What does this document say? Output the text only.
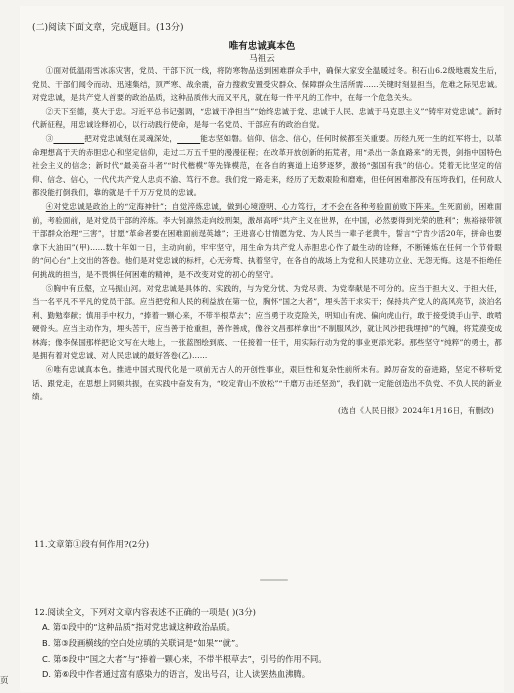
(二)阅读下面文章，完成题目。(13分)
唯有忠诚真本色
马祖云

①面对低温雨雪冰冻灾害，党员、干部下沉一线，将防寒物品送到困难群众手中，确保大家安全温暖过冬。积石山6.2级地震发生后，党员、干部们闻令而动、迅速集结，顶严寒、战余震，奋力搜救安置受灾群众、保障群众生活所需……关键时刻显担当，危难之际见忠诚。对党忠诚，是共产党人首要的政治品质，这种品质伟大而又平凡，就在每一件平凡的工作中，在每一个危急关头。

②天下至德，莫大于忠。习近平总书记强调，“忠诚干净担当”“始终忠诚于党、忠诚于人民、忠诚于马克思主义”“铸牢对党忠诚”。新时代新征程，用忠诚诠释初心，以行动践行使命，是每一名党员、干部应有的政治自觉。

③    	把对党忠诚刻在灵魂深处，   	能志坚如磐。信仰、信念、信心，任何时候都至关重要。历经九死一生的红军将士，以革命理想高于天的赤胆忠心和坚定信仰，走过二万五千里的漫漫征程；在改革开放创新的拓荒者，用“杀出一条血路来”的无畏，剑指中国特色社会主义的信念；新时代“最美奋斗者”“时代楷模”等先锋模范，在各自的赛道上追梦逐梦，激扬“强国有我”的信心。凭着无比坚定的信仰、信念、信心，一代代共产党人忠贞不渝、笃行不怠。我们党一路走来，经历了无数艰险和磨难，但任何困难都没有压垮我们，任何敌人都没能打倒我们，靠的就是千千万万党员的忠诚。

④对党忠诚是政治上的“定海神针”；自觉淬炼忠诚，做到心境澄明、心力笃行，才不会在各种考验面前败下阵来。生死面前，困难面前，考验面前，是对党员干部的淬炼。李大钊凛然走向绞刑架，激昂高呼“共产主义在世界，在中国，必然要得到光荣的胜利”；焦裕禄带领干部群众治理“三害”，甘愿“革命者要在困难面前逞英雄”；王进喜心甘情愿为党、为人民当一辈子老黄牛，誓言“宁肯少活20年，拼命也要拿下大油田”(甲)……数十年如一日，主动向前，牢牢坚守，用生命为共产党人赤胆忠心作了最生动的诠释，不断锤炼在任何一个节骨眼的“问心台”上交出的答卷。他们是对党忠诚的标杆，心无旁骛、执着坚守，在各自的战场上为党和人民建功立业、无怨无悔。这是不拒绝任何挑战的担当，是不畏惧任何困难的精神，是不改变对党的初心的坚守。

⑤胸中有丘壑，立马振山河。对党忠诚是具体的、实践的，与为党分忧、为党尽责、为党奉献是不可分的。应当于担大义、于担大任，当一名平凡不平凡的党员干部。应当把党和人民的利益放在第一位，胸怀“国之大者”，埋头苦干求实干；保持共产党人的高风亮节，淡泊名利、勤勉奉献；慎用手中权力，“捧着一颗心来，不带半根草去”；应当勇于攻克险关，明知山有虎、偏向虎山行，敢于接受烫手山芋、敢啃硬骨头。应当主动作为，埋头苦干，应当善于抢重担，善作善成，像谷文昌那样拿出“不制服风沙，就让风沙把我埋掉”的气魄，将荒漠变成林海；像李保国那样把论文写在大地上，一张蓝图绘到底、一任接着一任干，用实际行动为党的事业更添光彩。那些坚守“纯粹”的勇士，都是拥有着对党忠诚、对人民忠诚的最好答卷(乙)……

⑥唯有忠诚真本色。推进中国式现代化是一项前无古人的开创性事业，艰巨性和复杂性前所未有。踔厉奋发的奋进路，坚定不移听党话、跟党走，在思想上同频共振，在实践中奋发有为，“咬定青山不放松”“千磨万击还坚劲”，我们就一定能创造出不负党、不负人民的新业绩。

(选自《人民日报》2024年1月16日，有删改)
11.文章第①段有何作用?(2分)
12.阅读全文，下列对文章内容表述不正确的一项是( )(3分)
A. 第①段中的“这种品质”指对党忠诚这种政治品质。
B. 第③段画横线的空白处应填的关联词是“如果”“就”。
C. 第⑤段中“国之大者”与“捧着一颗心来，不带半根草去”，引号的作用不同。
D. 第⑥段中作者通过富有感染力的语言，发出号召，让人读罢热血沸腾。
页
